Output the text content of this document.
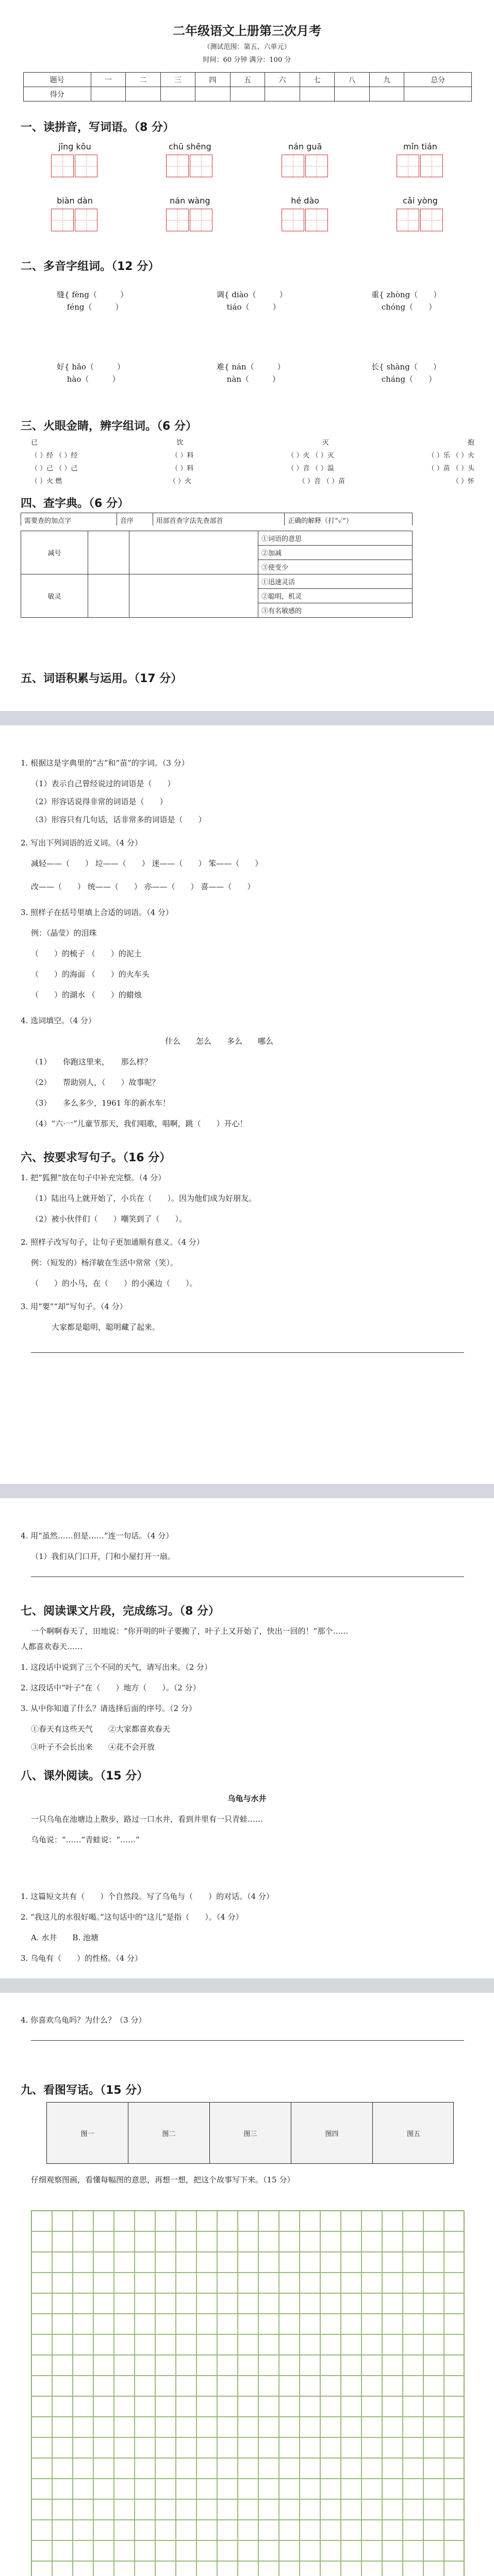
二年级语文上册第三次月考
（测试范围：第五、六单元）
时间：60 分钟 满分：100 分
题号	一	二	三	四	五	六	七	八	九	总分
得分										
一、读拼音，写词语。（8 分）
jīng kǒu	chū shēng	nán guā	mǐn tián
biàn dàn	nán wàng	hé dào	cǎi yòng
二、多音字组词。（12 分）
缝{ fèng（　　　）
　 féng（　　　）
调{ diào（　　　）
　 tiáo（　　　）
重{ zhòng（　　）
　 chóng（　　）
好{ hǎo（　　　）
　 hào（　　　）
难{ nán（　　　）
　 nàn（　　　）
长{ shàng（　　）
　 cháng（　　）
三、火眼金睛，辨字组词。（6 分）
已	饮	灭	抱
（ ）经 （ ）经	（ ）料	（ ）火 （ ）灭	（ ）乐 （ ）火
（ ）己 （ ）己	（ ）料	（ ）音 （ ）温	（ ）苗 （ ）头
（ ）火 燃	（ ）火	（ ）音 （ ）苗	（ ）怀
四、查字典。（6 分）
需要查的加点字	音序	用部首查字法先查部首	正确的解释（打“✓”）
减号			①词语的意思
			②加减
			③使变少
敏灵			①迅速灵活
			②聪明，机灵
			③有名敏感的
五、词语积累与运用。（17 分）
1. 根据这是字典里的“古”和“苗”的字词。（3 分）
（1）表示自己曾经说过的词语是（　　）
（2）形容话说得非常的词语是（　　）
（3）形容只有几句话，话非常多的词语是（　　）
2. 写出下列词语的近义词。（4 分）
减轻——（　　） 垃——（　　） 迷——（　　） 笨——（　　）
改——（　　） 统——（　　） 亦——（　　） 喜——（　　）
3. 照样子在括号里填上合适的词语。（4 分）
例：（晶莹）的泪珠
（　　）的梳子 （　　）的泥土
（　　）的海面 （　　）的火车头
（　　）的湖水 （　　）的蜡烛
4. 选词填空。（4 分）
什么　　怎么　　多么　　哪么
（1）　　你跑这里来，　　那么样？
（2）　　帮助别人，（　　）故事呢？
（3）　　多么多少，1961 年的新水车！
（4）“六·一”儿童节那天，我们唱歌，唱啊，跳（　　）开心！
六、按要求写句子。（16 分）
1. 把“狐狸”放在句子中补充完整。（4 分）
（1）陆出马上就开始了，小兵在（　　）。因为他们成为好朋友。
（2）被小伙伴们（　　）嘲笑到了（　　）。
2. 照样子改写句子，让句子更加通顺有意义。（4 分）
例：（短发的）杨洋敏在生活中常常（笑）。
（　　）的小马，在（　　）的小溪边（　　）。
3. 用“要”“却”写句子。（4 分）
大家都是聪明，聪明藏了起来。
4. 用“虽然……但是……”连一句话。（4 分）
（1）我们从门口开，门和小屋打开一扇。
七、阅读课文片段，完成练习。（8 分）
一个啊啊春天了，田地说：“你开明的叶子要搬了，叶子上又开始了，快出一回的！”那个……
人都喜欢春天……
1. 这段话中说到了三个不同的天气，请写出来。（2 分）
2. 这段话中“叶子”在（　　）地方（　　）。（2 分）
3. 从中你知道了什么？请选择后面的序号。（2 分）
①春天有这些天气　　②大家都喜欢春天
③叶子不会长出来　　④花不会开放
八、课外阅读。（15 分）
乌龟与水井
一只乌龟在池塘边上散步，路过一口水井，看到井里有一只青蛙……
乌龟说：“……”青蛙说：“……”
1. 这篇短文共有（　　）个自然段。写了乌龟与（　　）的对话。（4 分）
2. “我这儿的水很好喝。”这句话中的“这儿”是指（　　）。（4 分）
A. 水井　　B. 池塘
3. 乌龟有（　　）的性格。（4 分）
4. 你喜欢乌龟吗？为什么？（3 分）
九、看图写话。（15 分）
图一	图二	图三	图四	图五
仔细观察图画，看懂每幅图的意思，再想一想，把这个故事写下来。（15 分）
